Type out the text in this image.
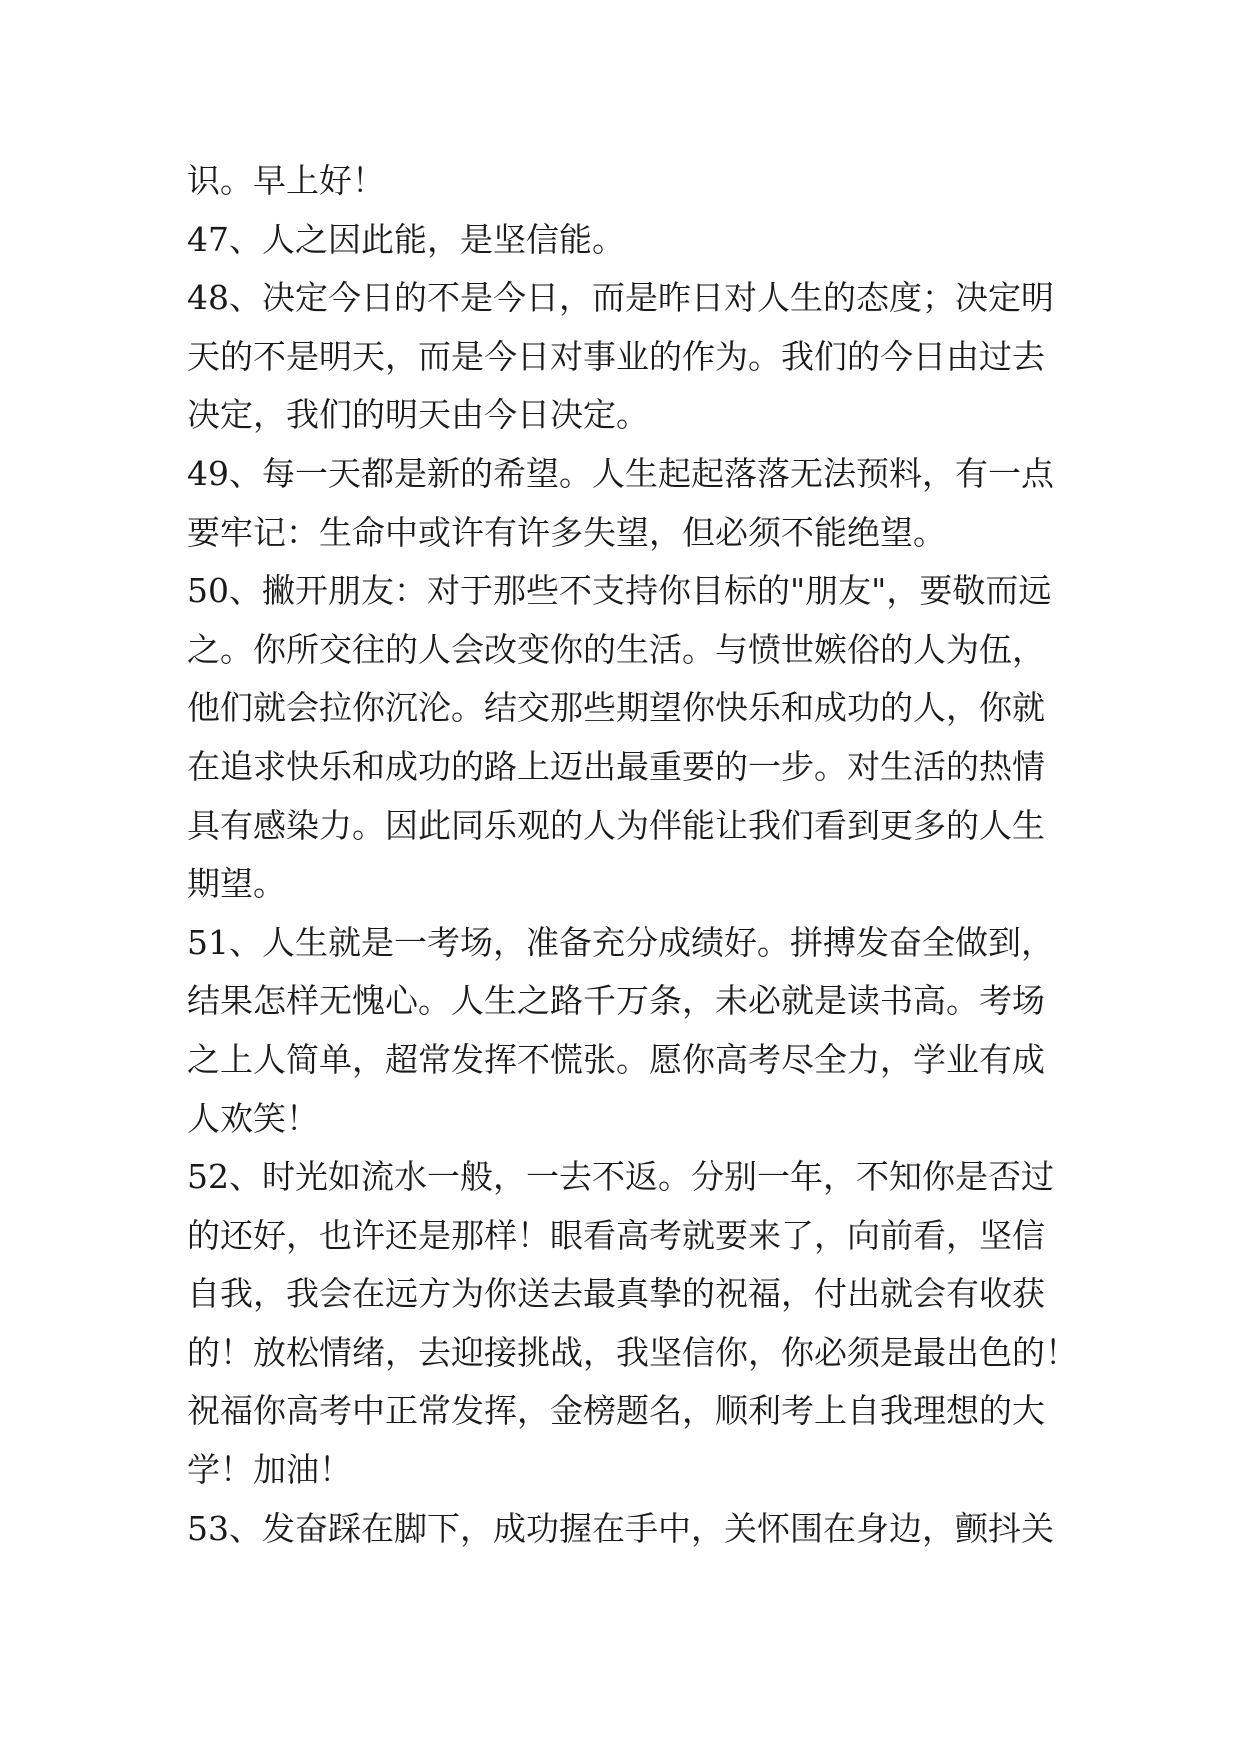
识。早上好！
47、人之因此能，是坚信能。
48、决定今日的不是今日，而是昨日对人生的态度；决定明
天的不是明天，而是今日对事业的作为。我们的今日由过去
决定，我们的明天由今日决定。
49、每一天都是新的希望。人生起起落落无法预料，有一点
要牢记：生命中或许有许多失望，但必须不能绝望。
50、撇开朋友：对于那些不支持你目标的"朋友"，要敬而远
之。你所交往的人会改变你的生活。与愤世嫉俗的人为伍，
他们就会拉你沉沦。结交那些期望你快乐和成功的人，你就
在追求快乐和成功的路上迈出最重要的一步。对生活的热情
具有感染力。因此同乐观的人为伴能让我们看到更多的人生
期望。
51、人生就是一考场，准备充分成绩好。拼搏发奋全做到，
结果怎样无愧心。人生之路千万条，未必就是读书高。考场
之上人简单，超常发挥不慌张。愿你高考尽全力，学业有成
人欢笑！
52、时光如流水一般，一去不返。分别一年，不知你是否过
的还好，也许还是那样！眼看高考就要来了，向前看，坚信
自我，我会在远方为你送去最真挚的祝福，付出就会有收获
的！放松情绪，去迎接挑战，我坚信你，你必须是最出色的！
祝福你高考中正常发挥，金榜题名，顺利考上自我理想的大
学！加油！
53、发奋踩在脚下，成功握在手中，关怀围在身边，颤抖关
